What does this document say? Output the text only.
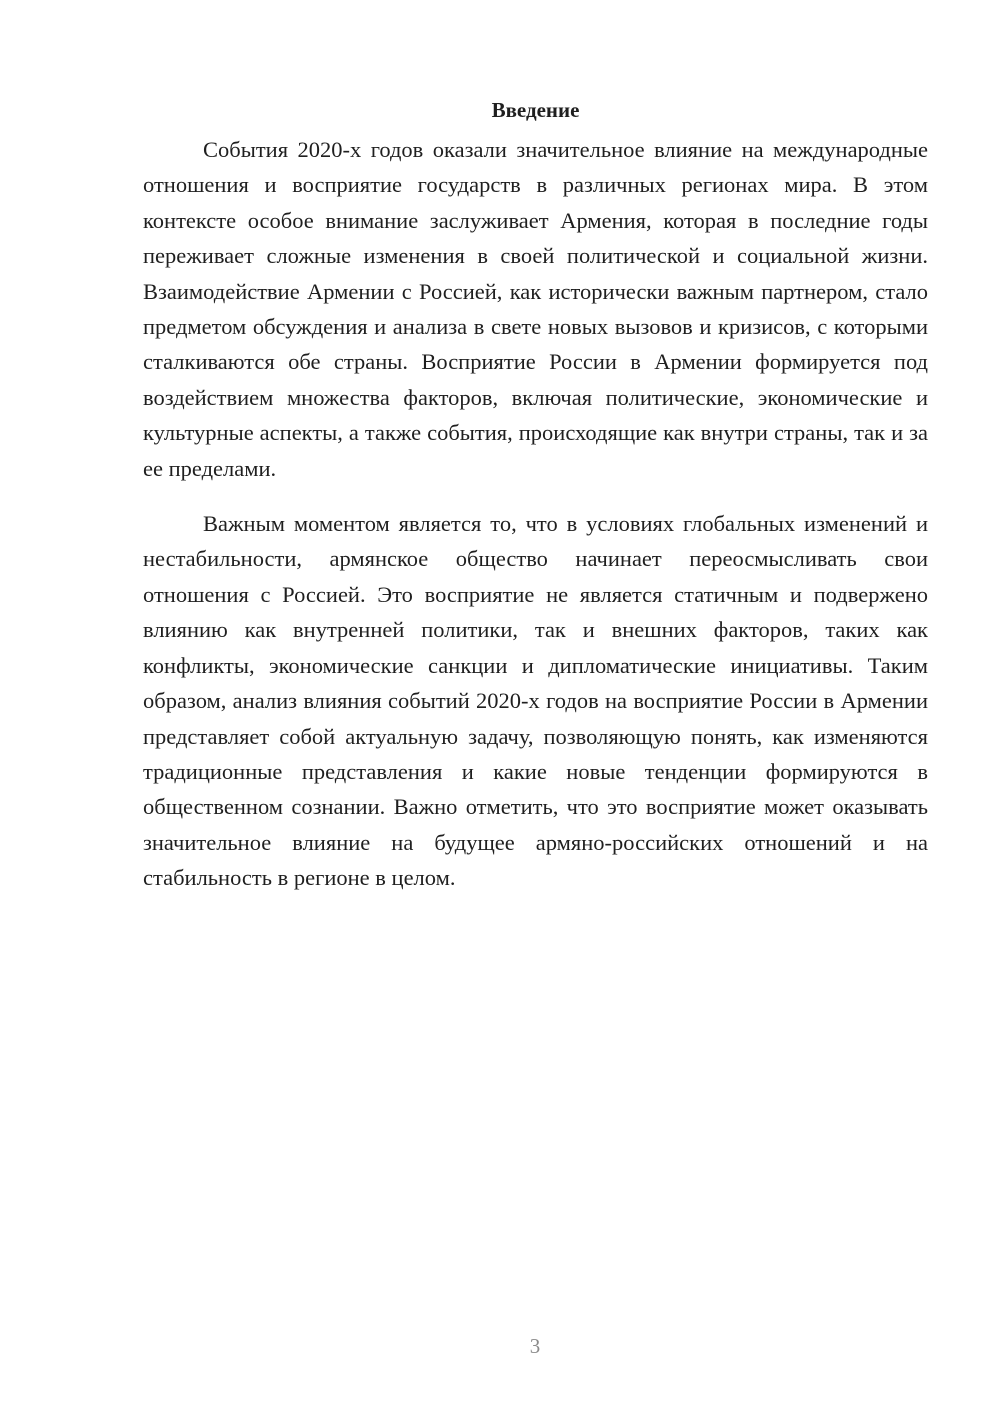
Введение

События 2020-х годов оказали значительное влияние на международные отношения и восприятие государств в различных регионах мира. В этом контексте особое внимание заслуживает Армения, которая в последние годы переживает сложные изменения в своей политической и социальной жизни. Взаимодействие Армении с Россией, как исторически важным партнером, стало предметом обсуждения и анализа в свете новых вызовов и кризисов, с которыми сталкиваются обе страны. Восприятие России в Армении формируется под воздействием множества факторов, включая политические, экономические и культурные аспекты, а также события, происходящие как внутри страны, так и за ее пределами.

Важным моментом является то, что в условиях глобальных изменений и нестабильности, армянское общество начинает переосмысливать свои отношения с Россией. Это восприятие не является статичным и подвержено влиянию как внутренней политики, так и внешних факторов, таких как конфликты, экономические санкции и дипломатические инициативы. Таким образом, анализ влияния событий 2020-х годов на восприятие России в Армении представляет собой актуальную задачу, позволяющую понять, как изменяются традиционные представления и какие новые тенденции формируются в общественном сознании. Важно отметить, что это восприятие может оказывать значительное влияние на будущее армяно-российских отношений и на стабильность в регионе в целом.

3
